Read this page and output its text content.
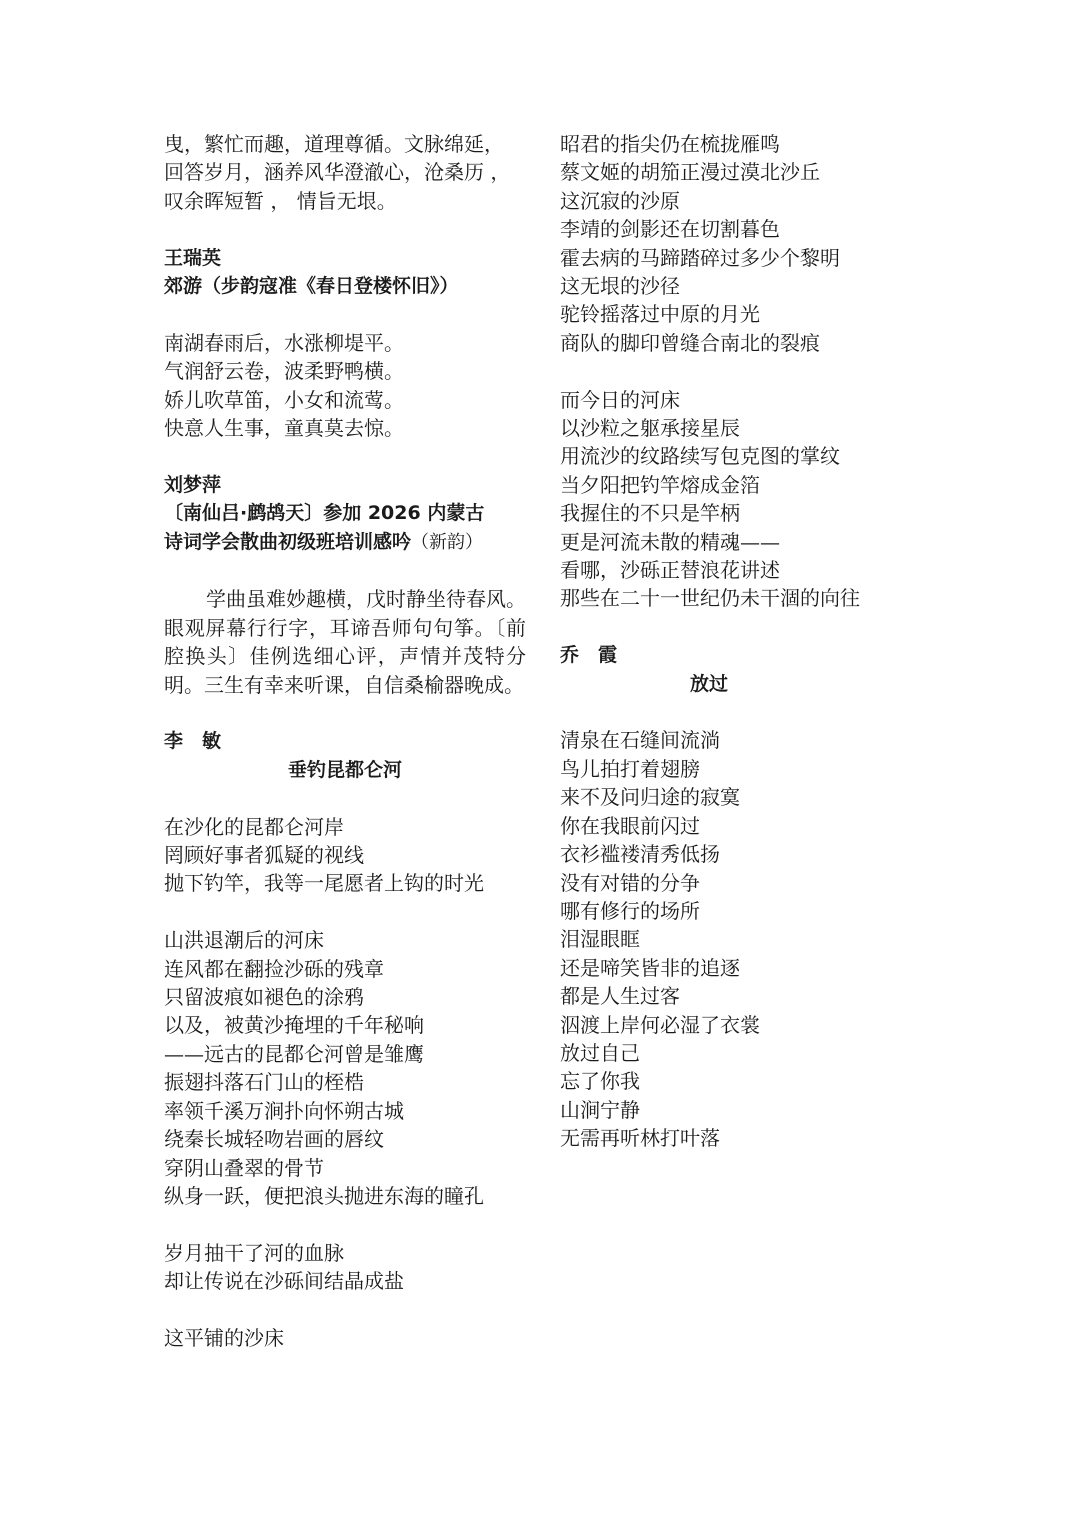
曳，繁忙而趣，道理尊循。文脉绵延，

回答岁月，涵养风华澄澈心，沧桑历 ，

叹余晖短暂 ， 情旨无垠。

王瑞英

郊游（步韵寇准《春日登楼怀旧》）

南湖春雨后，水涨柳堤平。

气润舒云卷，波柔野鸭横。

娇儿吹草笛，小女和流莺。

快意人生事，童真莫去惊。

刘梦萍

〔南仙吕·鹧鸪天〕参加 2026 内蒙古

诗词学会散曲初级班培训感吟（新韵）

学曲虽难妙趣横，戊时静坐待春风。眼观屏幕行行字，耳谛吾师句句筝。〔前腔换头〕佳例选细心评，声情并茂特分明。三生有幸来听课，自信桑榆器晚成。

李　敏

垂钓昆都仑河

在沙化的昆都仑河岸

罔顾好事者狐疑的视线

抛下钓竿，我等一尾愿者上钩的时光

山洪退潮后的河床

连风都在翻捡沙砾的残章

只留波痕如褪色的涂鸦

以及，被黄沙掩埋的千年秘响

——远古的昆都仑河曾是雏鹰

振翅抖落石门山的桎梏

率领千溪万涧扑向怀朔古城

绕秦长城轻吻岩画的唇纹

穿阴山叠翠的骨节

纵身一跃，便把浪头抛进东海的瞳孔

岁月抽干了河的血脉

却让传说在沙砾间结晶成盐

这平铺的沙床

昭君的指尖仍在梳拢雁鸣

蔡文姬的胡笳正漫过漠北沙丘

这沉寂的沙原

李靖的剑影还在切割暮色

霍去病的马蹄踏碎过多少个黎明

这无垠的沙径

驼铃摇落过中原的月光

商队的脚印曾缝合南北的裂痕

而今日的河床

以沙粒之躯承接星辰

用流沙的纹路续写包克图的掌纹

当夕阳把钓竿熔成金箔

我握住的不只是竿柄

更是河流未散的精魂——

看哪，沙砾正替浪花讲述

那些在二十一世纪仍未干涸的向往

乔　霞

放过

清泉在石缝间流淌

鸟儿拍打着翅膀

来不及问归途的寂寞

你在我眼前闪过

衣衫褴褛清秀低扬

没有对错的分争

哪有修行的场所

泪湿眼眶

还是啼笑皆非的追逐

都是人生过客

泅渡上岸何必湿了衣裳

放过自己

忘了你我

山涧宁静

无需再听林打叶落
